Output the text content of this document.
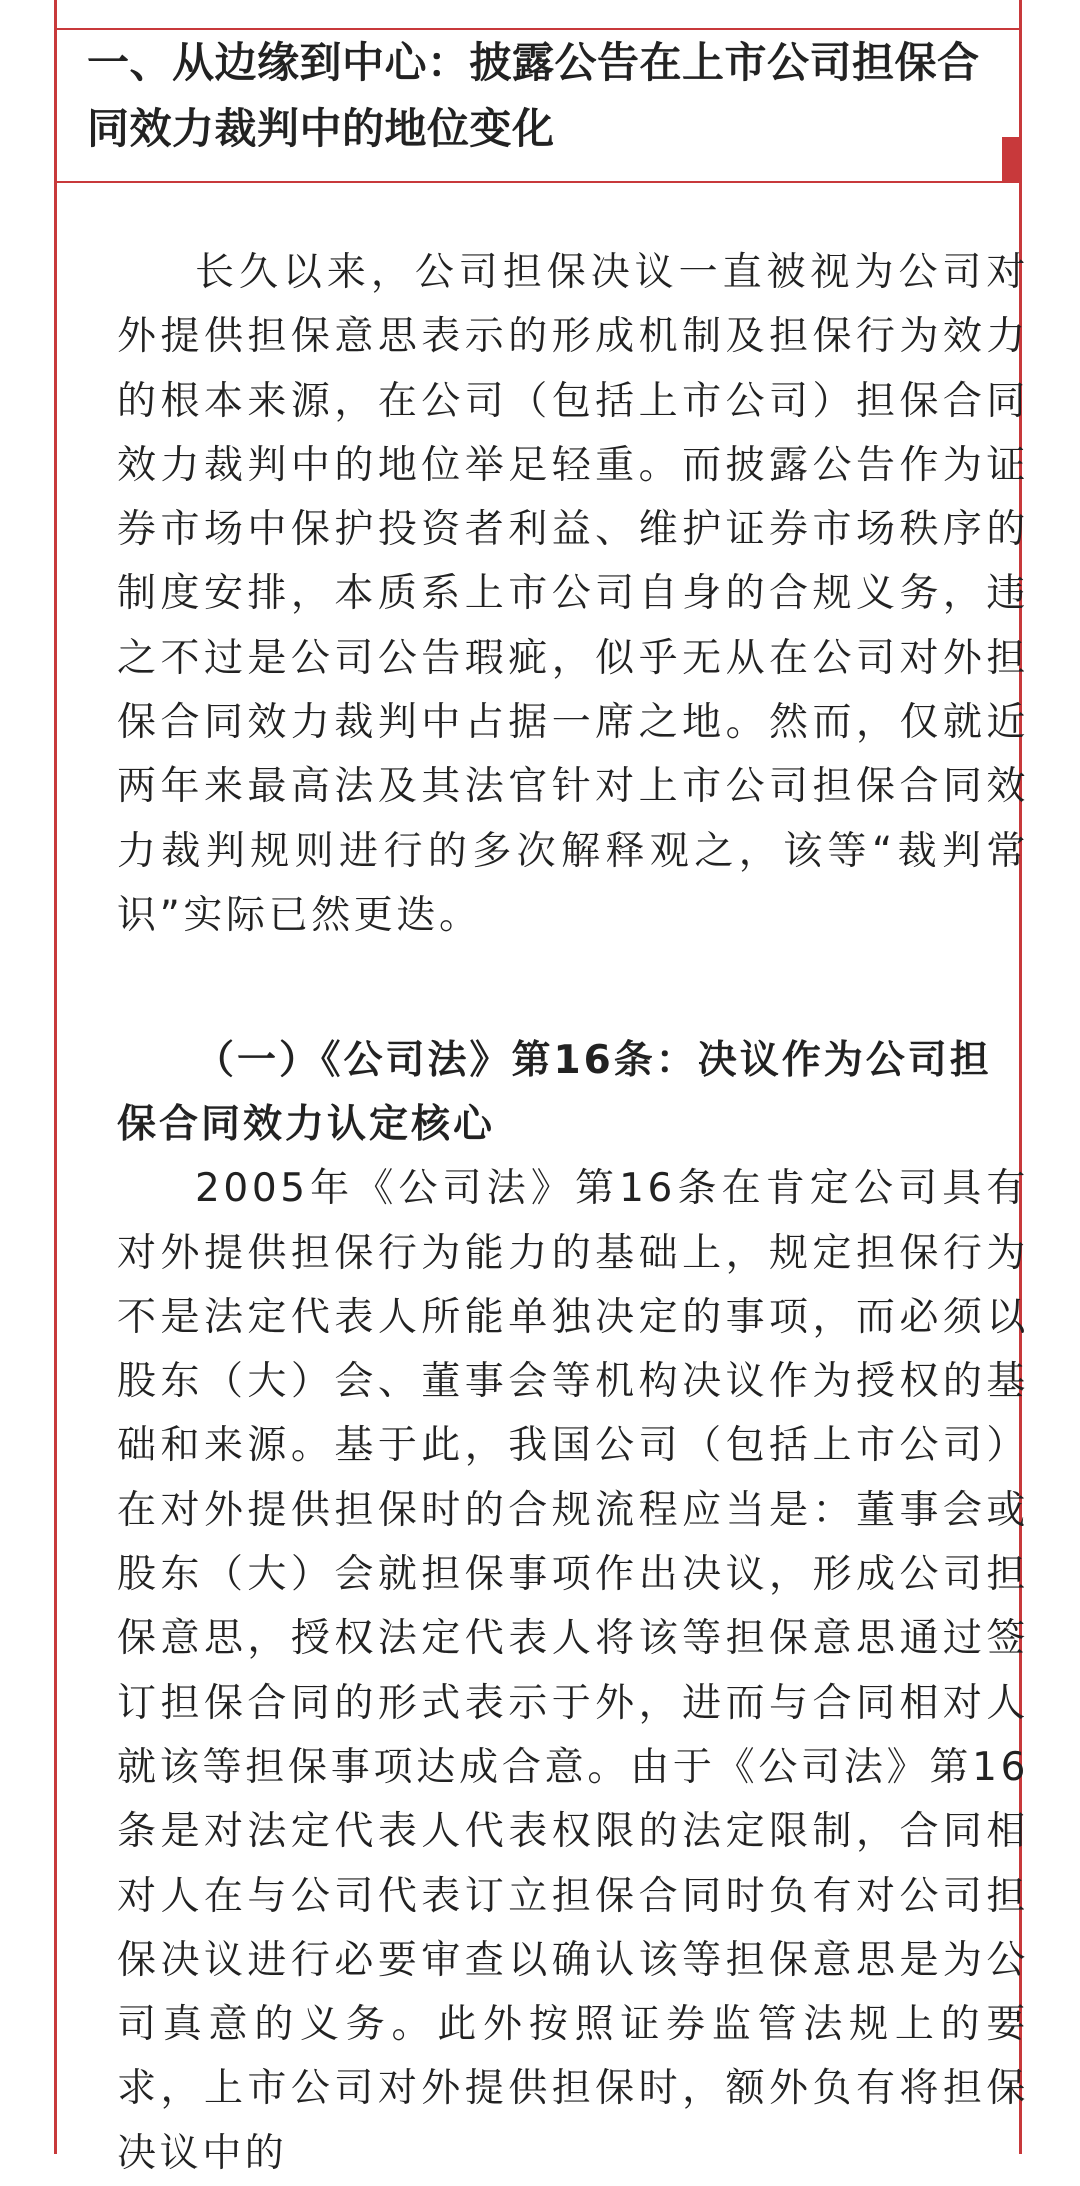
一、从边缘到中心：披露公告在上市公司担保合同效力裁判中的地位变化

长久以来，公司担保决议一直被视为公司对外提供担保意思表示的形成机制及担保行为效力的根本来源，在公司（包括上市公司）担保合同效力裁判中的地位举足轻重。而披露公告作为证券市场中保护投资者利益、维护证券市场秩序的制度安排，本质系上市公司自身的合规义务，违之不过是公司公告瑕疵，似乎无从在公司对外担保合同效力裁判中占据一席之地。然而，仅就近两年来最高法及其法官针对上市公司担保合同效力裁判规则进行的多次解释观之，该等“裁判常识”实际已然更迭。

（一）《公司法》第16条：决议作为公司担保合同效力认定核心

2005年《公司法》第16条在肯定公司具有对外提供担保行为能力的基础上，规定担保行为不是法定代表人所能单独决定的事项，而必须以股东（大）会、董事会等机构决议作为授权的基础和来源。基于此，我国公司（包括上市公司）在对外提供担保时的合规流程应当是：董事会或股东（大）会就担保事项作出决议，形成公司担保意思，授权法定代表人将该等担保意思通过签订担保合同的形式表示于外，进而与合同相对人就该等担保事项达成合意。由于《公司法》第16条是对法定代表人代表权限的法定限制，合同相对人在与公司代表订立担保合同时负有对公司担保决议进行必要审查以确认该等担保意思是为公司真意的义务。此外按照证券监管法规上的要求，上市公司对外提供担保时，额外负有将担保决议中的
